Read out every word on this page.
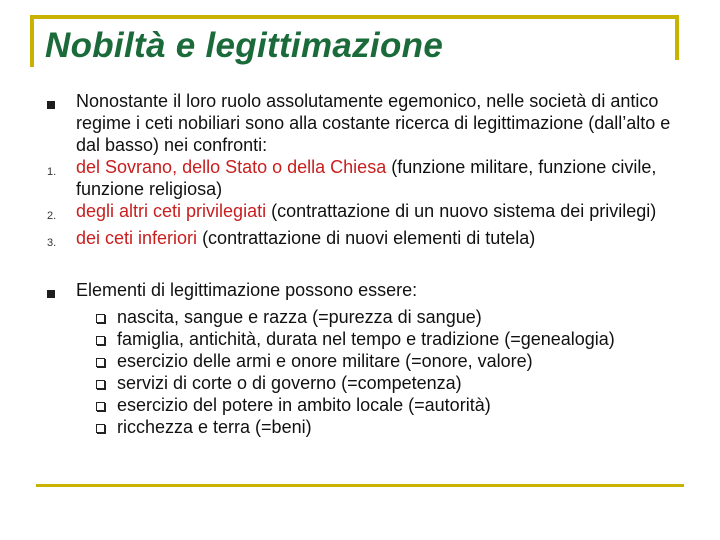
Nobiltà e legittimazione
Nonostante il loro ruolo assolutamente egemonico, nelle società di antico regime i ceti nobiliari sono alla costante ricerca di legittimazione (dall’alto e dal basso) nei confronti:
1.	del Sovrano, dello Stato o della Chiesa (funzione militare, funzione civile, funzione religiosa)
2.	degli altri ceti privilegiati (contrattazione di un nuovo sistema dei privilegi)
3.	dei ceti inferiori (contrattazione di nuovi elementi di tutela)
Elementi di legittimazione possono essere:
nascita, sangue e razza (=purezza di sangue)
famiglia, antichità, durata nel tempo e tradizione (=genealogia)
esercizio delle armi e onore militare (=onore, valore)
servizi di corte o di governo (=competenza)
esercizio del potere in ambito locale (=autorità)
ricchezza e terra (=beni)
